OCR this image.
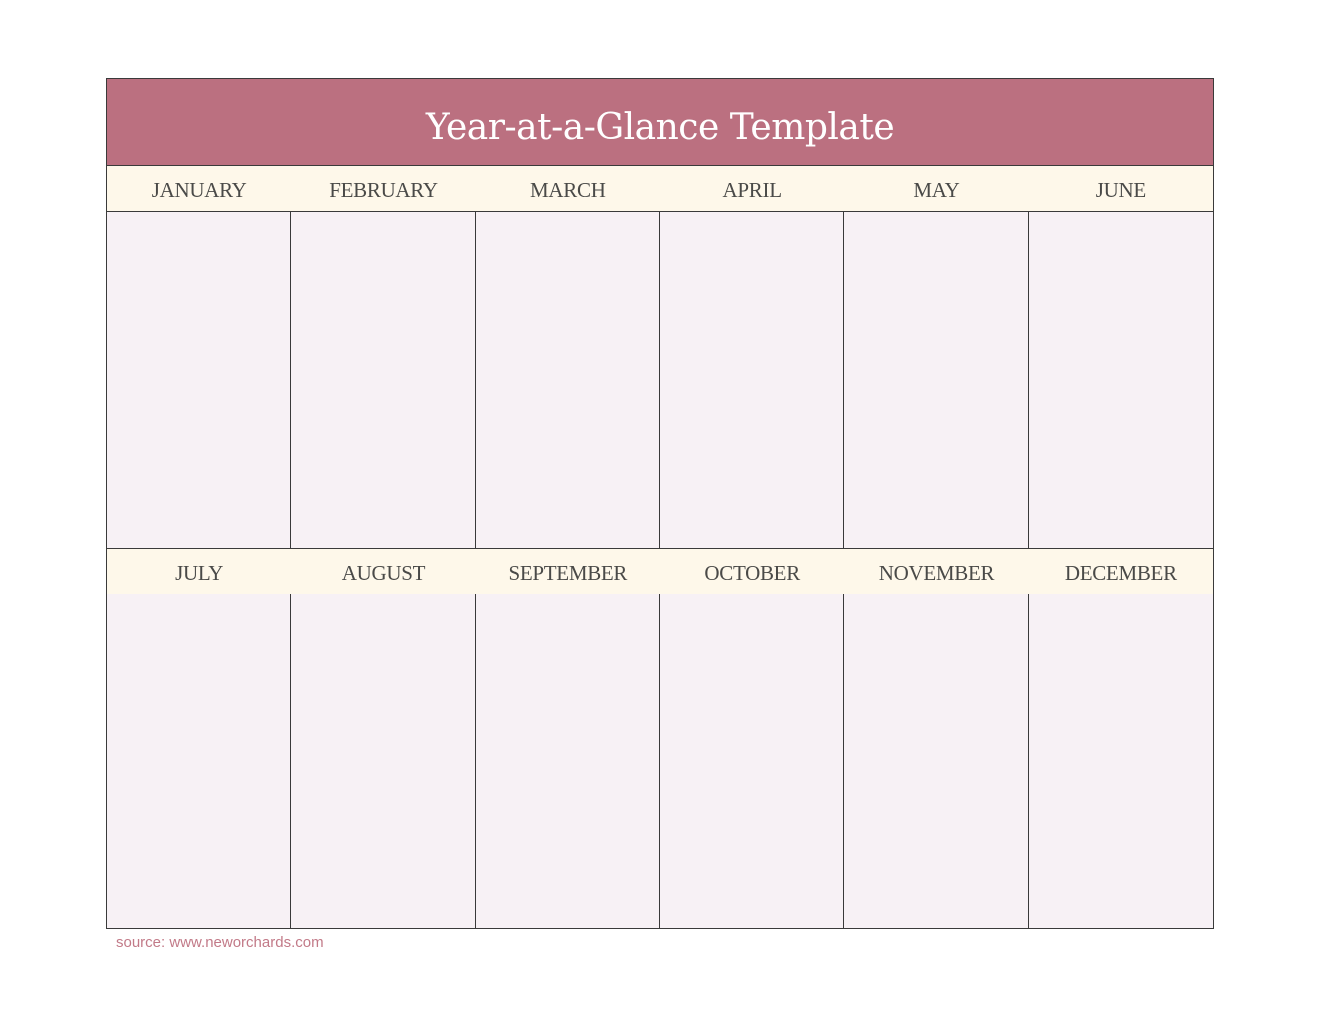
Year-at-a-Glance Template
JANUARY	FEBRUARY	MARCH	APRIL	MAY	JUNE
JULY	AUGUST	SEPTEMBER	OCTOBER	NOVEMBER	DECEMBER
source: www.neworchards.com
